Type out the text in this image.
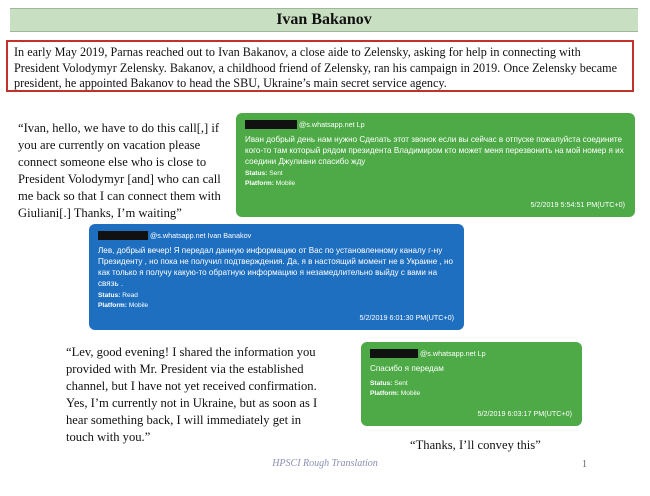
Ivan Bakanov
In early May 2019, Parnas reached out to Ivan Bakanov, a close aide to Zelensky, asking for help in connecting with President Volodymyr Zelensky. Bakanov, a childhood friend of Zelensky, ran his campaign in 2019. Once Zelensky became president, he appointed Bakanov to head the SBU, Ukraine’s main secret service agency.
“Ivan, hello, we have to do this call[,] if you are currently on vacation please connect someone else who is close to President Volodymyr [and] who can call me back so that I can connect them with Giuliani[.] Thanks, I’m waiting”
@s.whatsapp.net Lp
Иван добрый день нам нужно Сделать этот звонок если вы сейчас в отпуске пожалуйста соедините кого-то там который рядом президента Владимиром кто может меня перезвонить на мой номер я их соедини Джулиани спасибо жду
Status: Sent
Platform: Mobile
5/2/2019 5:54:51 PM(UTC+0)
@s.whatsapp.net Ivan Banakov
Лев, добрый вечер! Я передал данную информацию от Вас по установленному каналу г-ну Президенту , но пока не получил подтверждения. Да, я в настоящий момент не в Украине , но как только я получу какую-то обратную информацию я незамедлительно выйду с вами на связь .
Status: Read
Platform: Mobile
5/2/2019 6:01:30 PM(UTC+0)
“Lev, good evening! I shared the information you provided with Mr. President via the established channel, but I have not yet received confirmation. Yes, I’m currently not in Ukraine, but as soon as I hear something back, I will immediately get in touch with you.”
@s.whatsapp.net Lp
Спасибо я передам
Status: Sent
Platform: Mobile
5/2/2019 6:03:17 PM(UTC+0)
“Thanks, I’ll convey this”
HPSCI Rough Translation	1
